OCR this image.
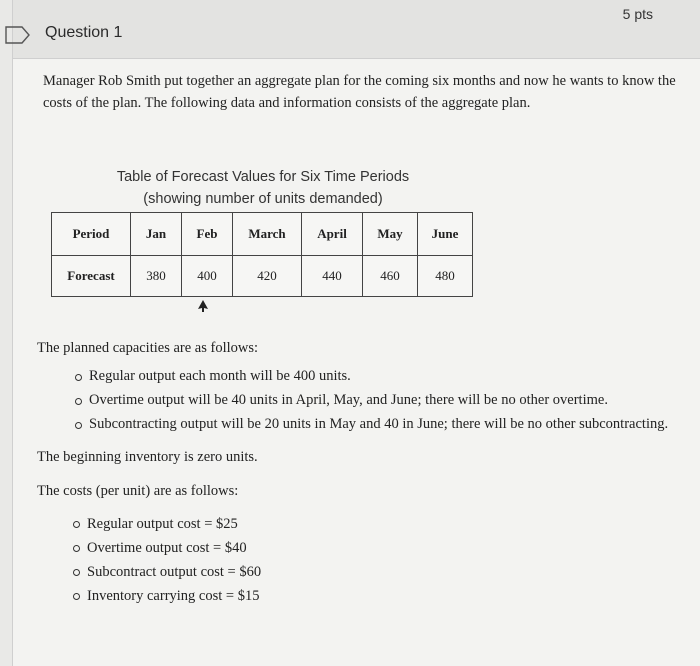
Question 1
5 pts
Manager Rob Smith put together an aggregate plan for the coming six months and now he wants to know the costs of the plan. The following data and information consists of the aggregate plan.
Table of Forecast Values for Six Time Periods
(showing number of units demanded)
Period	Jan	Feb	March	April	May	June
Forecast	380	400	420	440	460	480

The planned capacities are as follows:

Regular output each month will be 400 units.
Overtime output will be 40 units in April, May, and June; there will be no other overtime.
Subcontracting output will be 20 units in May and 40 in June; there will be no other subcontracting.

The beginning inventory is zero units.

The costs (per unit) are as follows:

Regular output cost = $25
Overtime output cost = $40
Subcontract output cost = $60
Inventory carrying cost = $15
